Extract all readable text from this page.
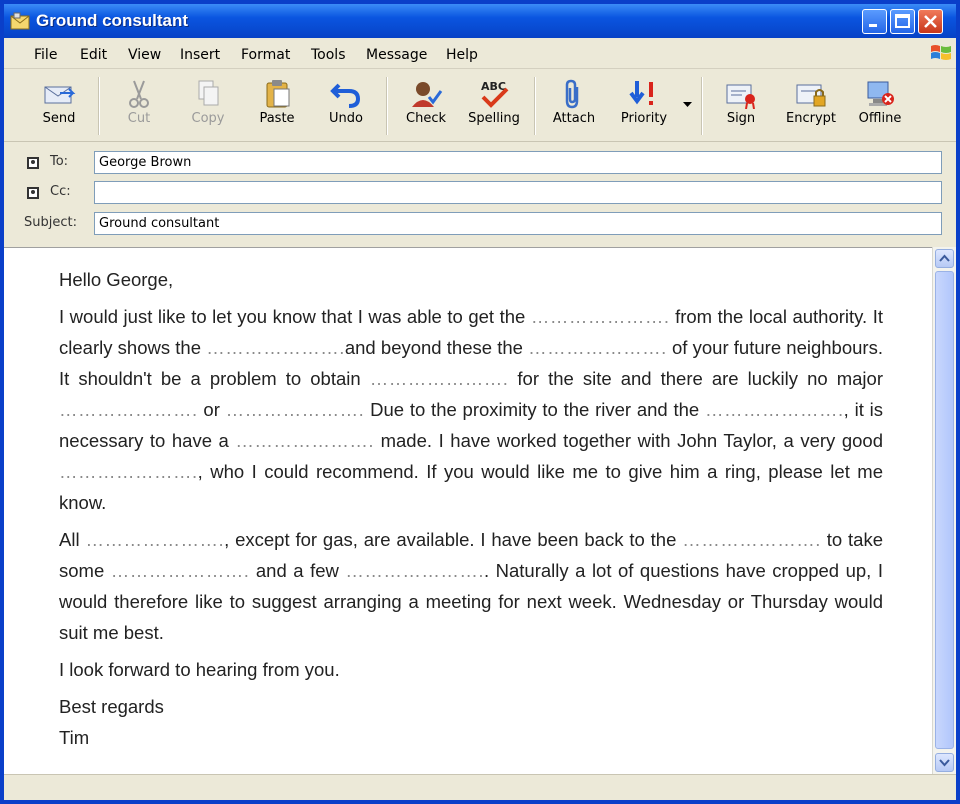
Ground consultant
File Edit View Insert Format Tools Message Help
Send	Cut	Copy	Paste	Undo	Check
ABC
Spelling	Attach	Priority	Sign	Encrypt	Offline
To:	George Brown
Cc:
Subject:	Ground consultant

Hello George,

I would just like to let you know that I was able to get the …………………. from the local authority. It clearly shows the ………………….and beyond these the …………………. of your future neighbours. It shouldn't be a problem to obtain …………………. for the site and there are luckily no major …………………. or …………………. Due to the proximity to the river and the …………………., it is necessary to have a …………………. made. I have worked together with John Taylor, a very good …………………., who I could recommend. If you would like me to give him a ring, please let me know.

All …………………., except for gas, are available. I have been back to the …………………. to take some …………………. and a few ………………….. Naturally a lot of questions have cropped up, I would therefore like to suggest arranging a meeting for next week. Wednesday or Thursday would suit me best.

I look forward to hearing from you.

Best regards

Tim
